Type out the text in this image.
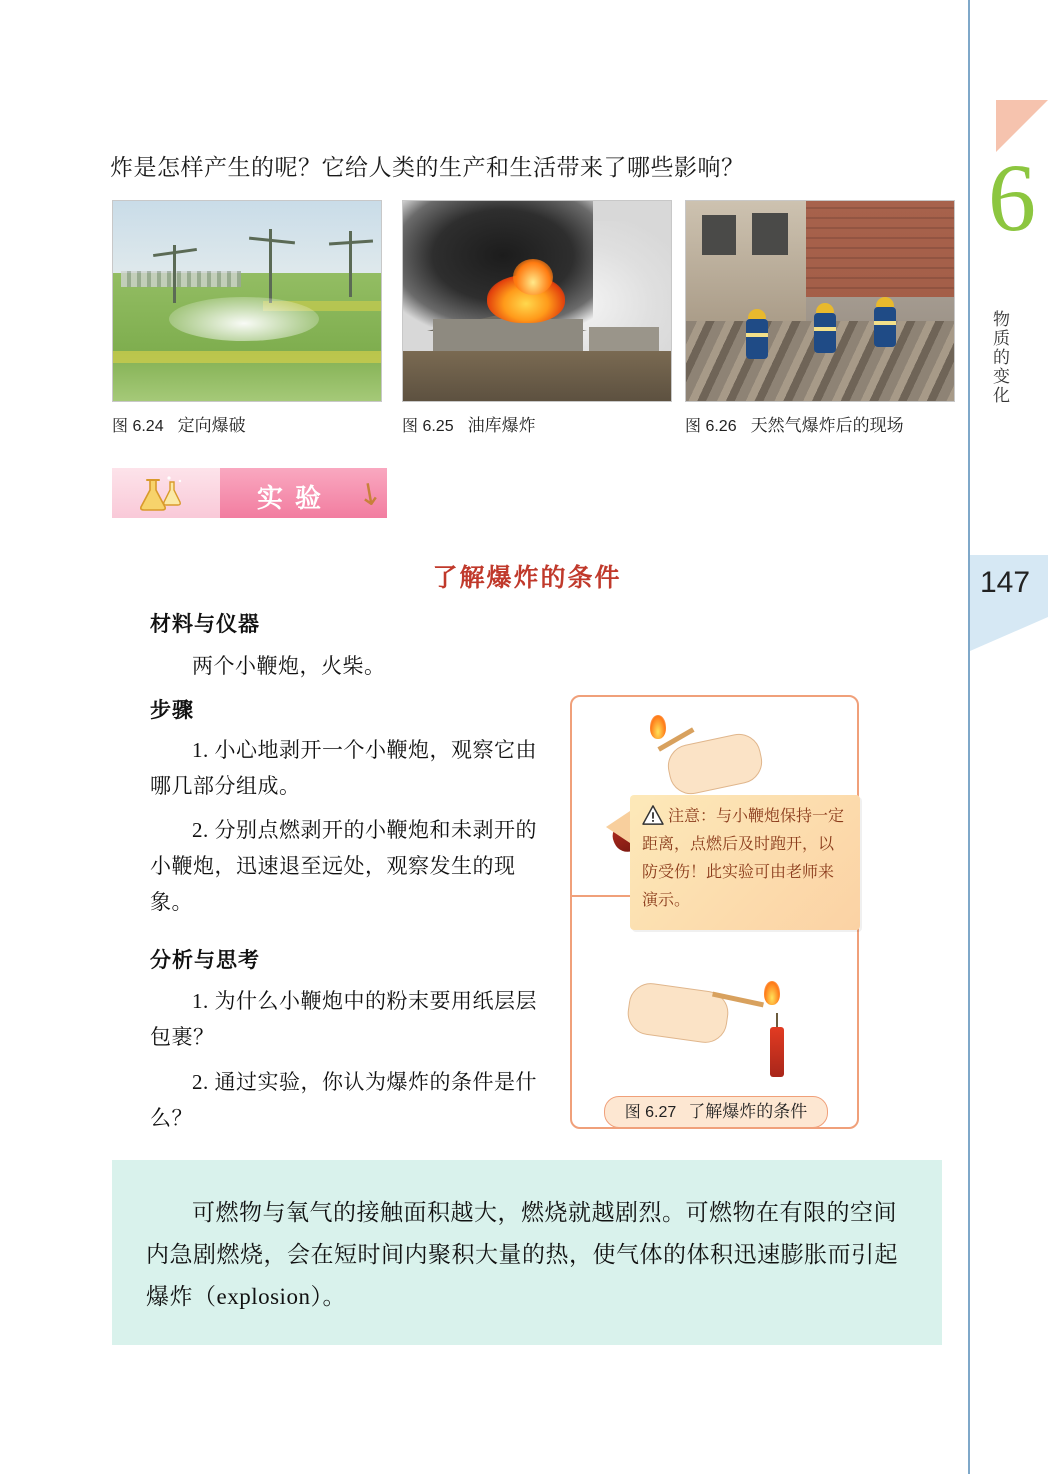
6
物质的变化
147
炸是怎样产生的呢？它给人类的生产和生活带来了哪些影响？
图 6.24 定向爆破	图 6.25 油库爆炸	图 6.26 天然气爆炸后的现场
实验 ↘
了解爆炸的条件
材料与仪器
两个小鞭炮，火柴。
步骤
1. 小心地剥开一个小鞭炮，观察它由哪几部分组成。
2. 分别点燃剥开的小鞭炮和未剥开的小鞭炮，迅速退至远处，观察发生的现象。
分析与思考
1. 为什么小鞭炮中的粉末要用纸层层包裹？
2. 通过实验，你认为爆炸的条件是什么？
注意：与小鞭炮保持一定距离，点燃后及时跑开，以防受伤！此实验可由老师来演示。
图 6.27 了解爆炸的条件

可燃物与氧气的接触面积越大，燃烧就越剧烈。可燃物在有限的空间内急剧燃烧，会在短时间内聚积大量的热，使气体的体积迅速膨胀而引起爆炸（explosion）。
